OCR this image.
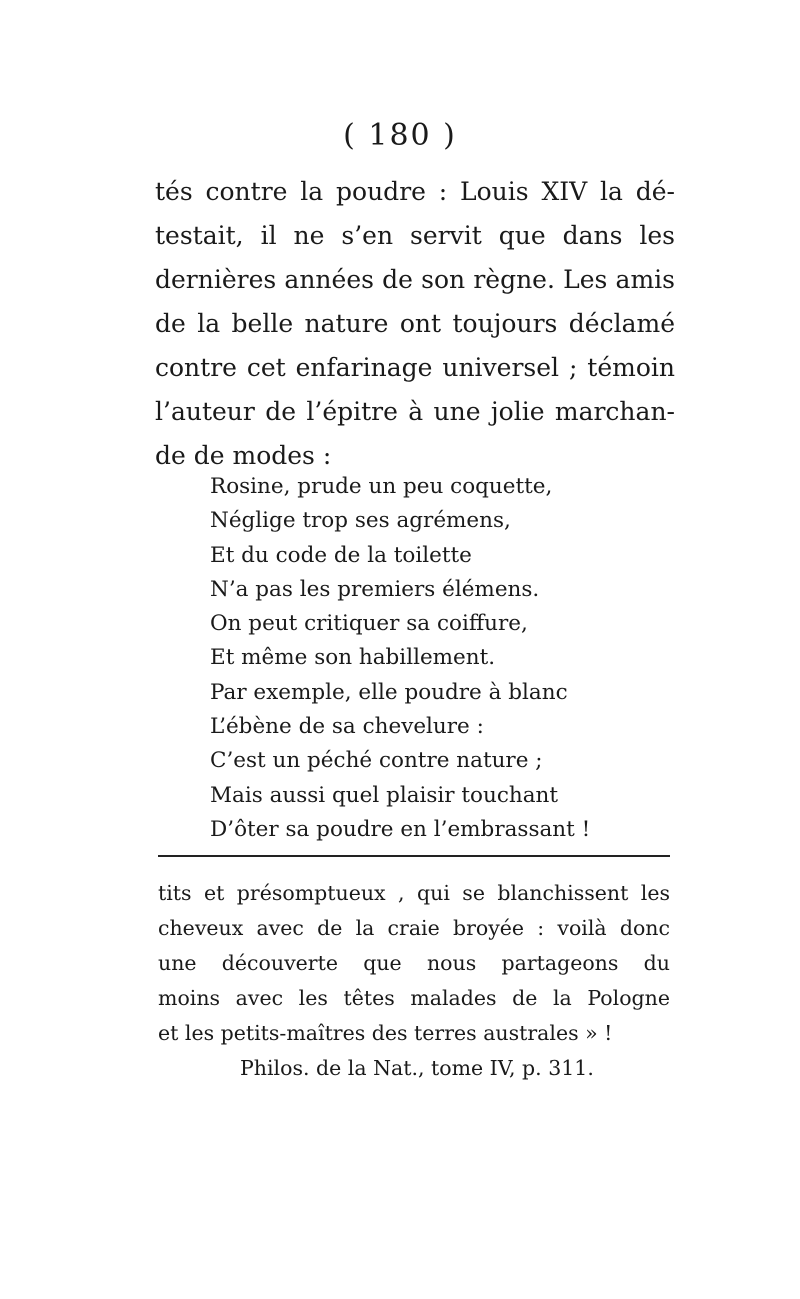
( 180 )
tés contre la poudre : Louis XIV la dé-
testait, il ne s’en servit que dans les
dernières années de son règne. Les amis
de la belle nature ont toujours déclamé
contre cet enfarinage universel ; témoin
l’auteur de l’épitre à une jolie marchan-
de de modes :
Rosine, prude un peu coquette,
Néglige trop ses agrémens,
Et du code de la toilette
N’a pas les premiers élémens.
On peut critiquer sa coiffure,
Et même son habillement.
Par exemple, elle poudre à blanc
L’ébène de sa chevelure :
C’est un péché contre nature ;
Mais aussi quel plaisir touchant
D’ôter sa poudre en l’embrassant !
tits et présomptueux , qui se blanchissent les
cheveux avec de la craie broyée : voilà donc
une découverte que nous partageons du
moins avec les têtes malades de la Pologne
et les petits-maîtres des terres australes » !
Philos. de la Nat., tome IV, p. 311.
